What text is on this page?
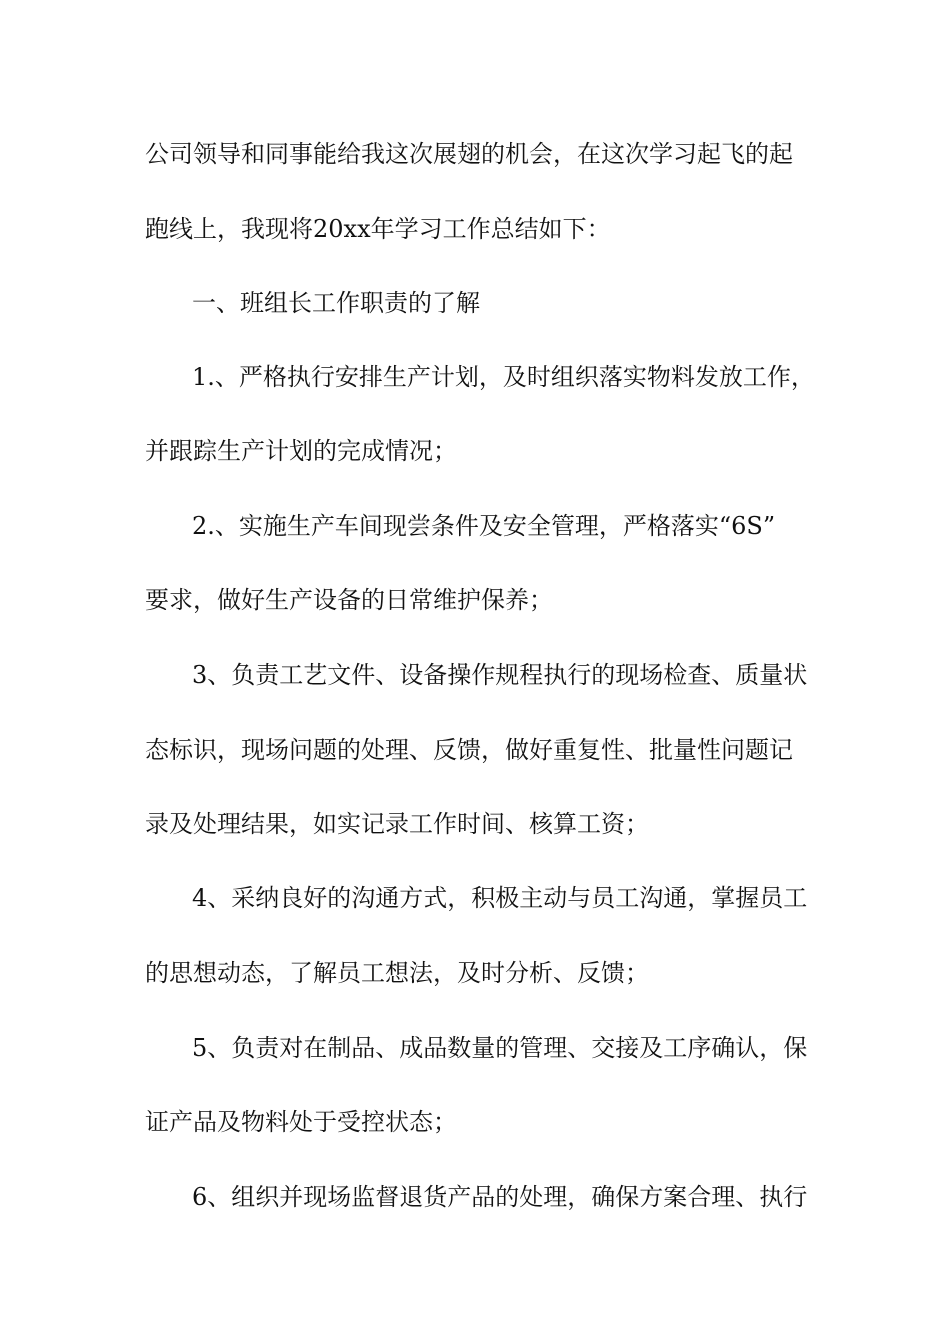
公司领导和同事能给我这次展翅的机会，在这次学习起飞的起
跑线上，我现将20xx年学习工作总结如下：
一、班组长工作职责的了解
1.、严格执行安排生产计划，及时组织落实物料发放工作，
并跟踪生产计划的完成情况；
2.、实施生产车间现尝条件及安全管理，严格落实“6S”
要求，做好生产设备的日常维护保养；
3、负责工艺文件、设备操作规程执行的现场检查、质量状
态标识，现场问题的处理、反馈，做好重复性、批量性问题记
录及处理结果，如实记录工作时间、核算工资；
4、采纳良好的沟通方式，积极主动与员工沟通，掌握员工
的思想动态，了解员工想法，及时分析、反馈；
5、负责对在制品、成品数量的管理、交接及工序确认，保
证产品及物料处于受控状态；
6、组织并现场监督退货产品的处理，确保方案合理、执行
